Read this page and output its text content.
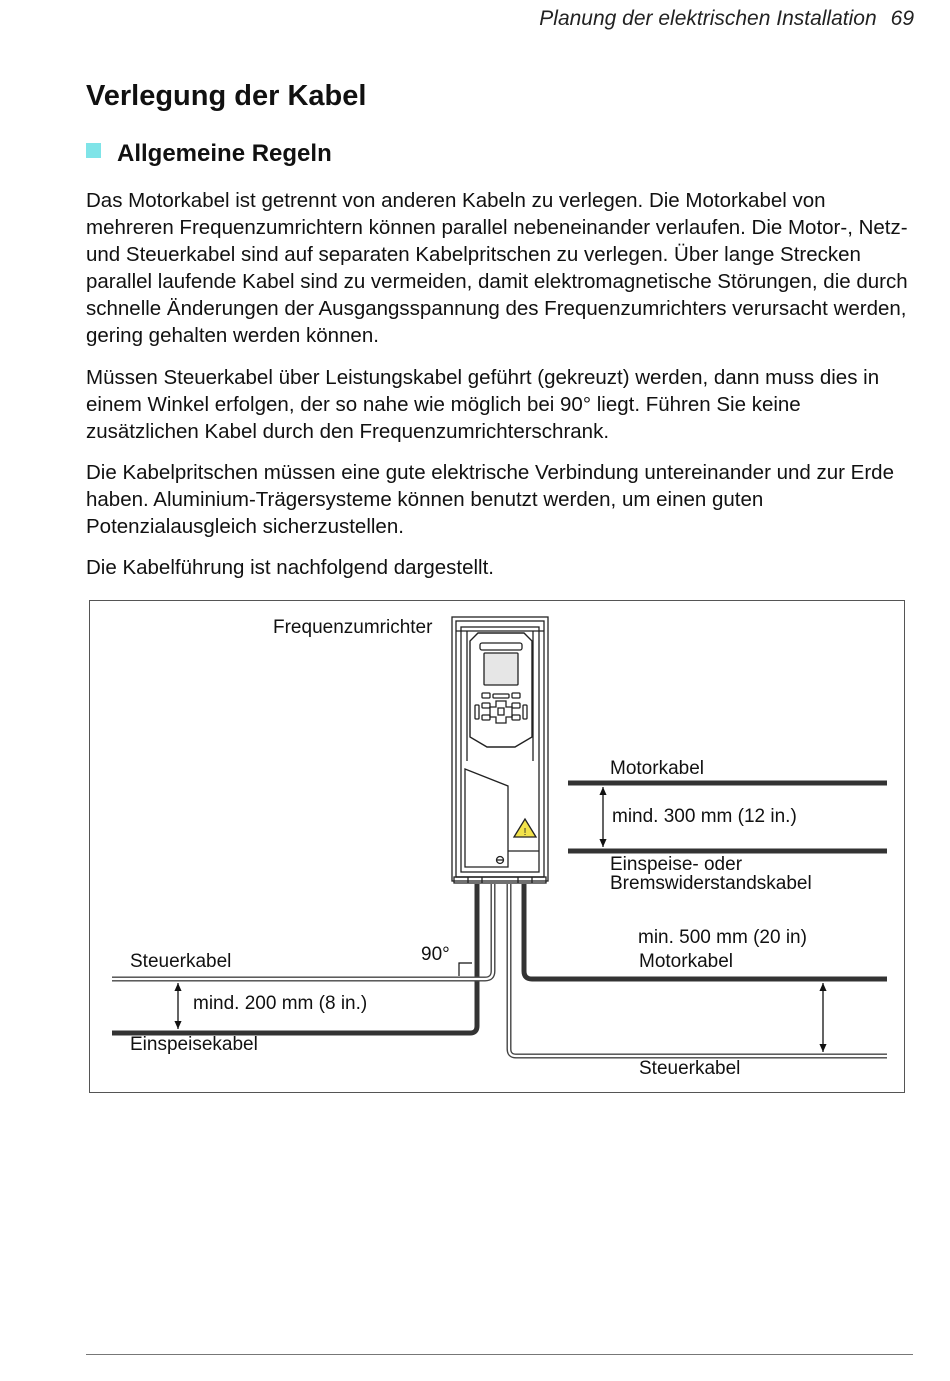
Planung der elektrischen Installation 69
Verlegung der Kabel
Allgemeine Regeln

Das Motorkabel ist getrennt von anderen Kabeln zu verlegen. Die Motorkabel von mehreren Frequenzumrichtern können parallel nebeneinander verlaufen. Die Motor-, Netz- und Steuerkabel sind auf separaten Kabelpritschen zu verlegen. Über lange Strecken parallel laufende Kabel sind zu vermeiden, damit elektromagnetische Störungen, die durch schnelle Änderungen der Ausgangsspannung des Frequenzumrichters verursacht werden, gering gehalten werden können.

Müssen Steuerkabel über Leistungskabel geführt (gekreuzt) werden, dann muss dies in einem Winkel erfolgen, der so nahe wie möglich bei 90° liegt. Führen Sie keine zusätzlichen Kabel durch den Frequenzumrichterschrank.

Die Kabelpritschen müssen eine gute elektrische Verbindung untereinander und zur Erde haben. Aluminium-Trägersysteme können benutzt werden, um einen guten Potenzialausgleich sicherzustellen.

Die Kabelführung ist nachfolgend dargestellt.

!
Frequenzumrichter
Motorkabel
mind. 300 mm (12 in.)
Einspeise- oder
Bremswiderstandskabel
min. 500 mm (20 in)
Motorkabel
Steuerkabel	90°
mind. 200 mm (8 in.)
Einspeisekabel
Steuerkabel
